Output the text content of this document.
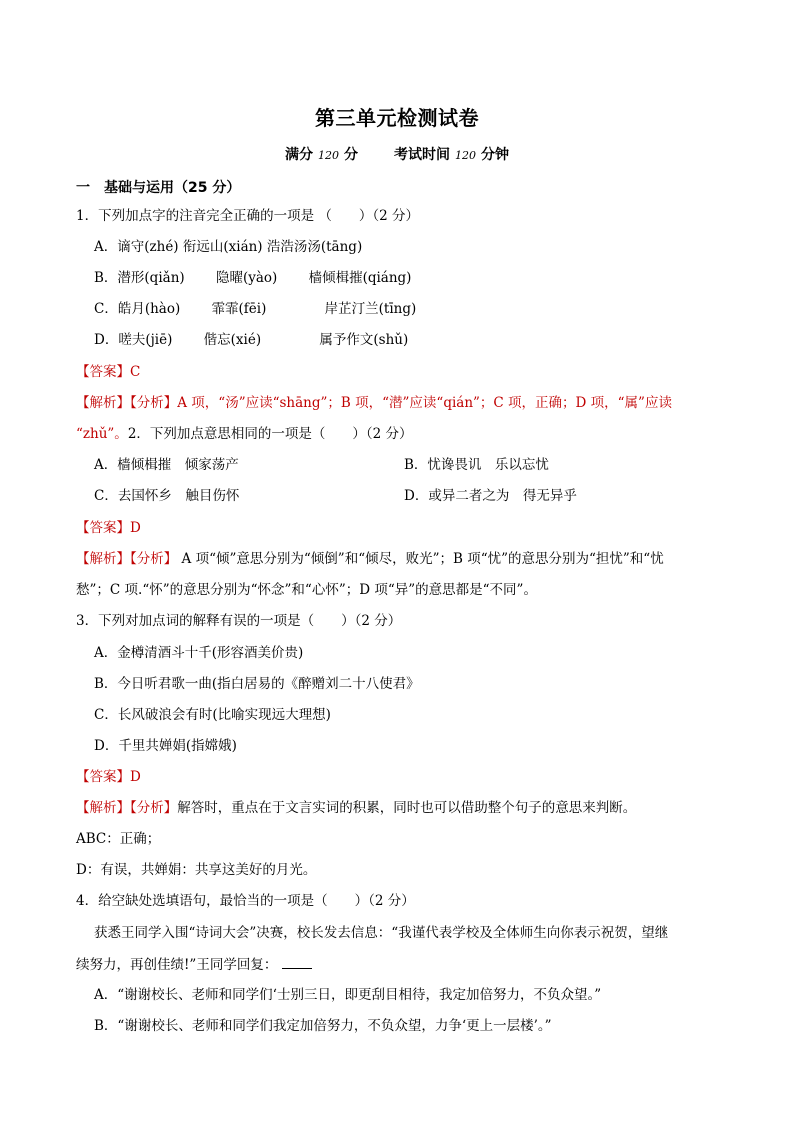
第三单元检测试卷
满分 120 分	考试时间 120 分钟
一　基础与运用（25 分）
1．下列加点字的注音完全正确的一项是 （　　）（2 分）
A．谪守(zhé) 衔远山(xián) 浩浩汤汤(tāng)
B．潜形(qiǎn)　　 隐曜(yào)　　 樯倾楫摧(qiáng)
C．皓月(hào)　　 霏霏(fēi)　　　　 岸芷汀兰(tīng)
D．嗟夫(jiē)　　 偕忘(xié)　　　　 属予作文(shǔ)
【答案】C
【解析】【分析】A 项，“汤”应读“shāng”；B 项，“潜”应读“qián”；C 项，正确；D 项，“属”应读
“zhǔ”。2．下列加点意思相同的一项是（　　）（2 分）
A．樯倾楫摧　倾家荡产	B．忧谗畏讥　乐以忘忧
C．去国怀乡　触目伤怀	D．或异二者之为　得无异乎
【答案】D
【解析】【分析】 A 项“倾”意思分别为“倾倒”和“倾尽，败光”；B 项“忧”的意思分别为“担忧”和“忧
愁”；C 项.“怀”的意思分别为“怀念”和“心怀”；D 项“异”的意思都是“不同”。
3．下列对加点词的解释有误的一项是（　　）（2 分）
A．金樽清酒斗十千(形容酒美价贵)
B．今日听君歌一曲(指白居易的《醉赠刘二十八使君》
C．长风破浪会有时(比喻实现远大理想)
D．千里共婵娟(指嫦娥)
【答案】D
【解析】【分析】解答时，重点在于文言实词的积累，同时也可以借助整个句子的意思来判断。
ABC：正确；
D：有误，共婵娟：共享这美好的月光。
4．给空缺处选填语句，最恰当的一项是（　　）（2 分）
获悉王同学入围“诗词大会”决赛，校长发去信息：“我谨代表学校及全体师生向你表示祝贺，望继
续努力，再创佳绩!”王同学回复：
A．“谢谢校长、老师和同学们‘士别三日，即更刮目相待，我定加倍努力，不负众望。”
B．“谢谢校长、老师和同学们我定加倍努力，不负众望，力争‘更上一层楼’。”
